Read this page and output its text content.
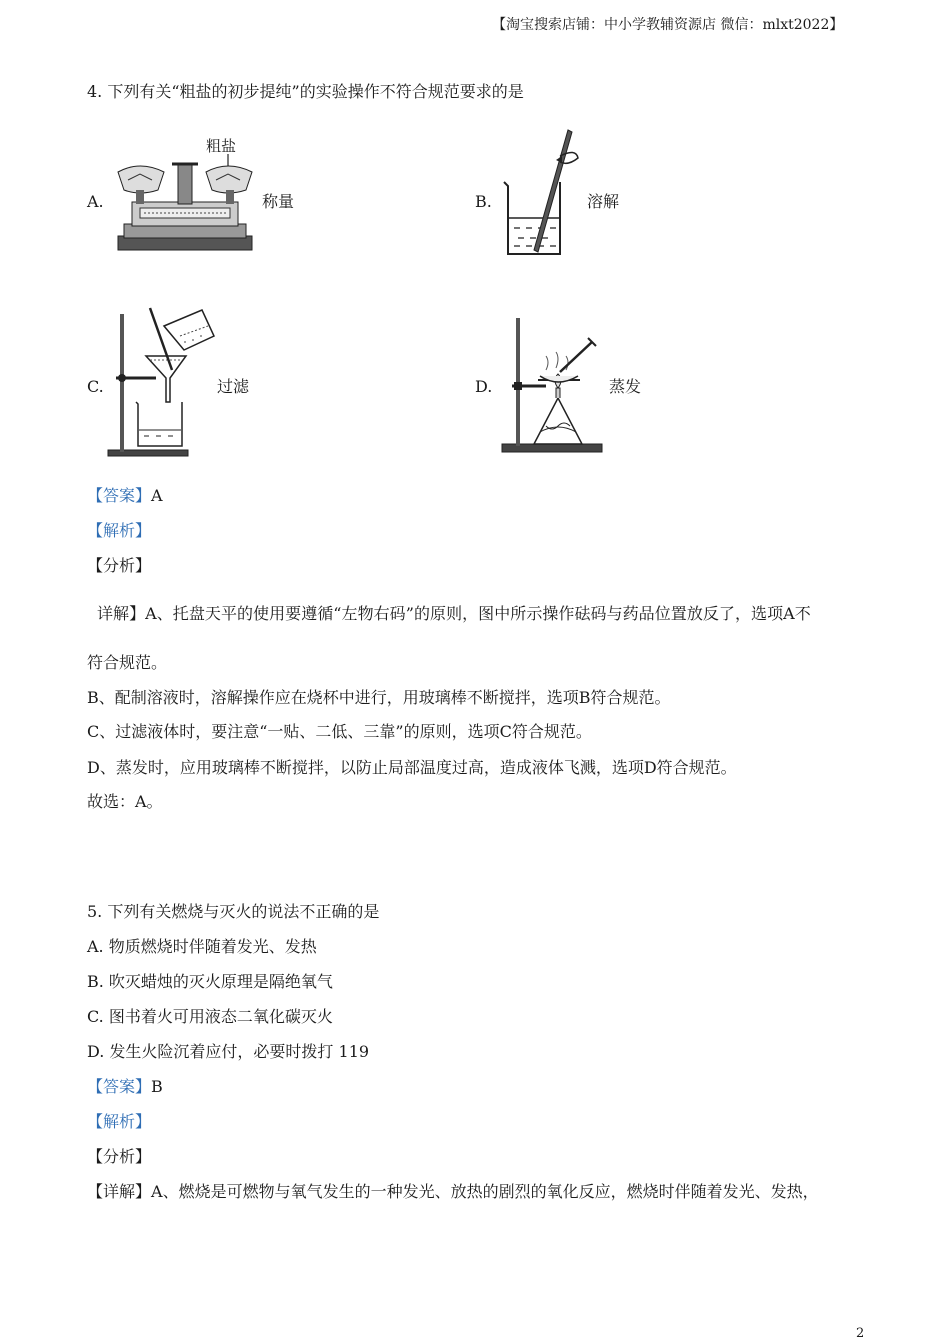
【淘宝搜索店铺：中小学教辅资源店 微信：mlxt2022】
4. 下列有关“粗盐的初步提纯”的实验操作不符合规范要求的是
A.
粗盐
称量	B.	溶解
C.	过滤	D.	蒸发
【答案】A
【解析】
【分析】
详解】A、托盘天平的使用要遵循“左物右码”的原则，图中所示操作砝码与药品位置放反了，选项A不
符合规范。
B、配制溶液时，溶解操作应在烧杯中进行，用玻璃棒不断搅拌，选项B符合规范。
C、过滤液体时，要注意“一贴、二低、三靠”的原则，选项C符合规范。
D、蒸发时，应用玻璃棒不断搅拌，以防止局部温度过高，造成液体飞溅，选项D符合规范。
故选：A。
5. 下列有关燃烧与灭火的说法不正确的是
A. 物质燃烧时伴随着发光、发热
B. 吹灭蜡烛的灭火原理是隔绝氧气
C. 图书着火可用液态二氧化碳灭火
D. 发生火险沉着应付，必要时拨打 119
【答案】B
【解析】
【分析】
【详解】A、燃烧是可燃物与氧气发生的一种发光、放热的剧烈的氧化反应，燃烧时伴随着发光、发热，
2
